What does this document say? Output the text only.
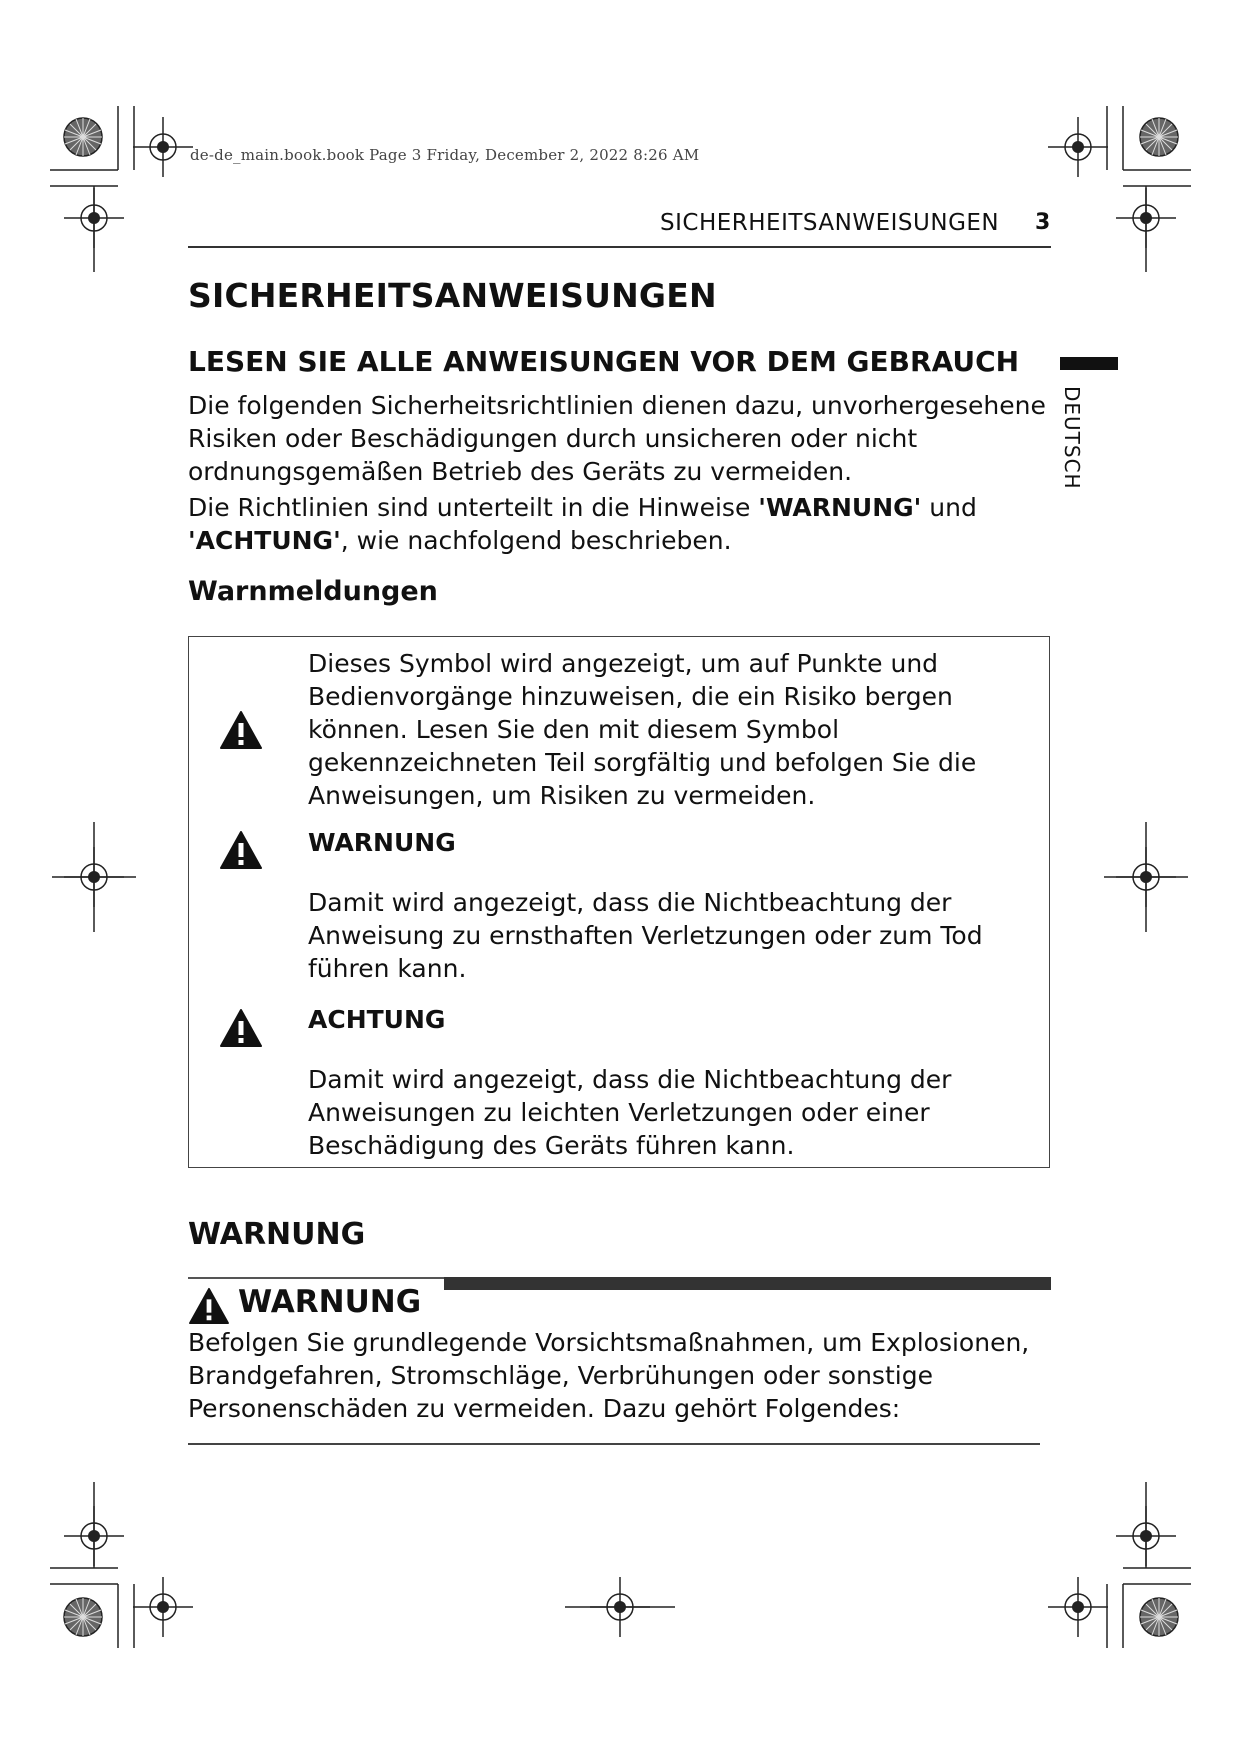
de-de_main.book.book Page 3 Friday, December 2, 2022 8:26 AM
SICHERHEITSANWEISUNGEN 3
DEUTSCH
SICHERHEITSANWEISUNGEN
LESEN SIE ALLE ANWEISUNGEN VOR DEM GEBRAUCH
Die folgenden Sicherheitsrichtlinien dienen dazu, unvorhergesehene Risiken oder Beschädigungen durch unsicheren oder nicht ordnungsgemäßen Betrieb des Geräts zu vermeiden.
Die Richtlinien sind unterteilt in die Hinweise 'WARNUNG' und
'ACHTUNG', wie nachfolgend beschrieben.
Warnmeldungen
Dieses Symbol wird angezeigt, um auf Punkte und Bedienvorgänge hinzuweisen, die ein Risiko bergen können. Lesen Sie den mit diesem Symbol gekennzeichneten Teil sorgfältig und befolgen Sie die Anweisungen, um Risiken zu vermeiden.
WARNUNG
Damit wird angezeigt, dass die Nichtbeachtung der Anweisung zu ernsthaften Verletzungen oder zum Tod führen kann.
ACHTUNG
Damit wird angezeigt, dass die Nichtbeachtung der Anweisungen zu leichten Verletzungen oder einer Beschädigung des Geräts führen kann.
WARNUNG
WARNUNG
Befolgen Sie grundlegende Vorsichtsmaßnahmen, um Explosionen, Brandgefahren, Stromschläge, Verbrühungen oder sonstige Personenschäden zu vermeiden. Dazu gehört Folgendes:
